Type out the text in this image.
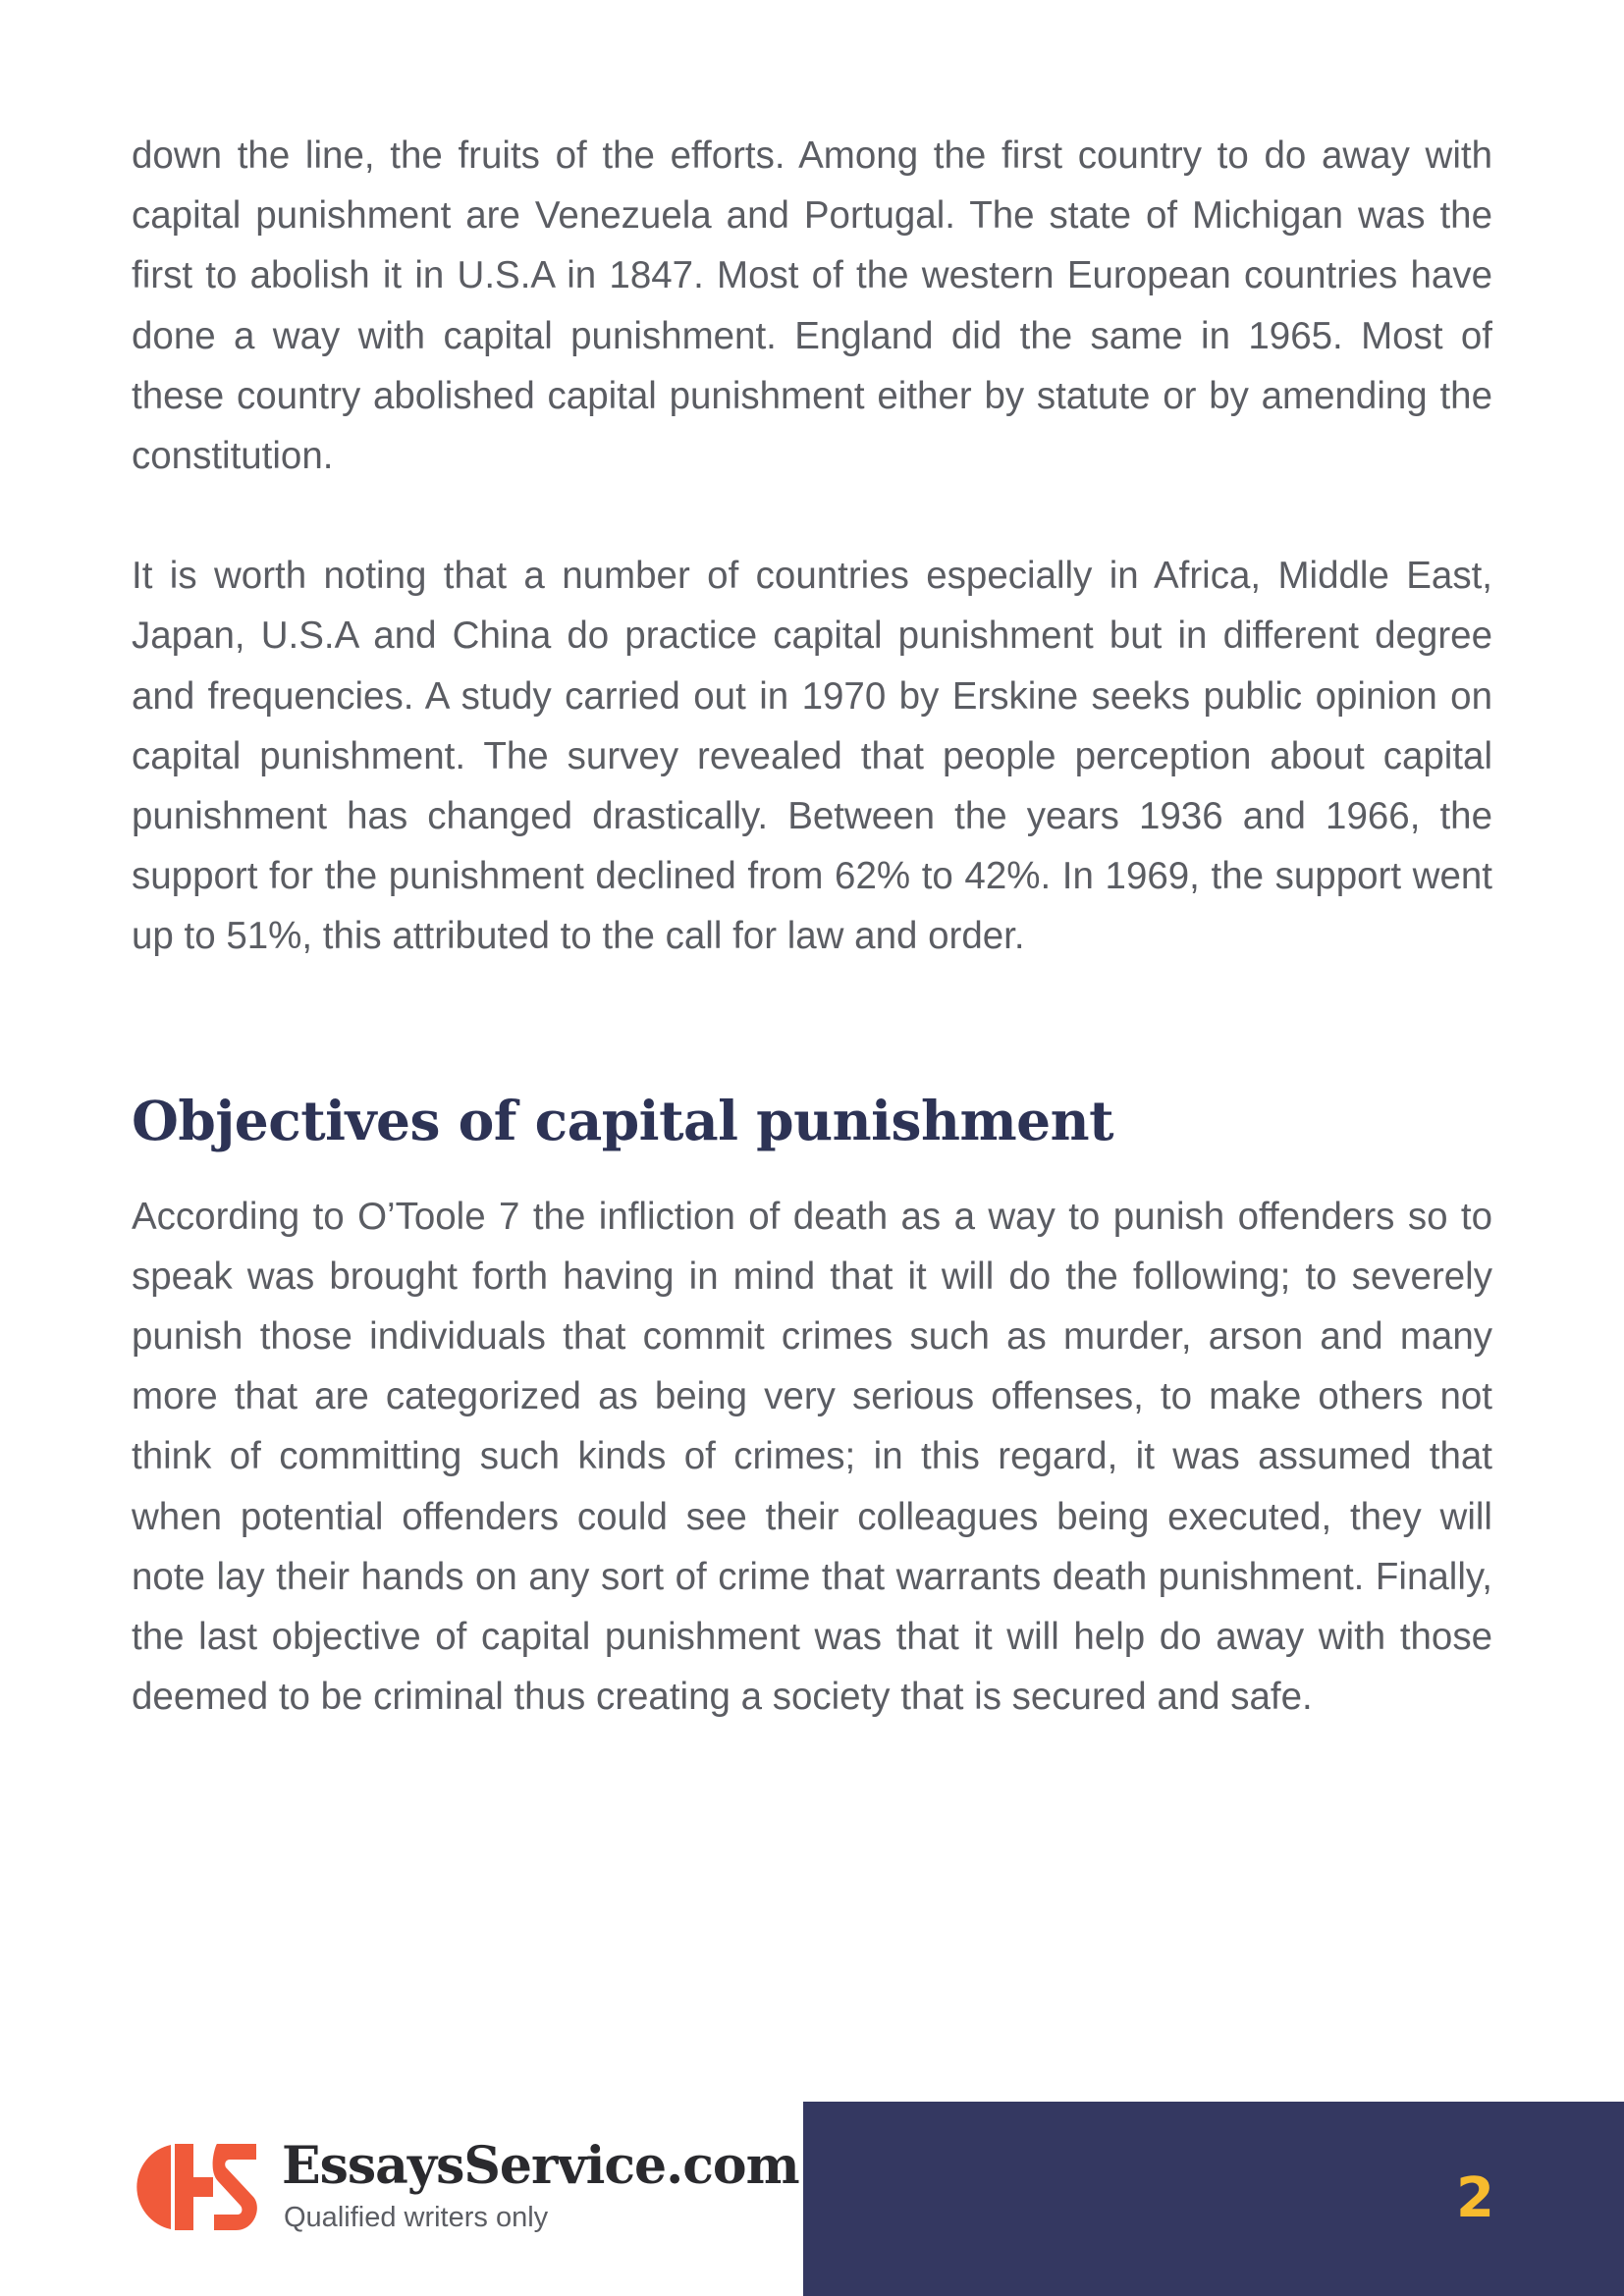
down the line, the fruits of the efforts. Among the first country to do away with capital punishment are Venezuela and Portugal. The state of Michigan was the first to abolish it in U.S.A in 1847. Most of the western European countries have done a way with capital punishment. England did the same in 1965. Most of these country abolished capital punishment either by statute or by amending the constitution.

It is worth noting that a number of countries especially in Africa, Middle East, Japan, U.S.A and China do practice capital punishment but in different degree and frequencies. A study carried out in 1970 by Erskine seeks public opinion on capital punishment. The survey revealed that people perception about capital punishment has changed drastically. Between the years 1936 and 1966, the support for the punishment declined from 62% to 42%. In 1969, the support went up to 51%, this attributed to the call for law and order.

Objectives of capital punishment

According to O’Toole 7 the infliction of death as a way to punish offenders so to speak was brought forth having in mind that it will do the following; to severely punish those individuals that commit crimes such as murder, arson and many more that are categorized as being very serious offenses, to make others not think of committing such kinds of crimes; in this regard, it was assumed that when potential offenders could see their colleagues being executed, they will note lay their hands on any sort of crime that warrants death punishment. Finally, the last objective of capital punishment was that it will help do away with those deemed to be criminal thus creating a society that is secured and safe.

EssaysService.com
Qualified writers only	2
